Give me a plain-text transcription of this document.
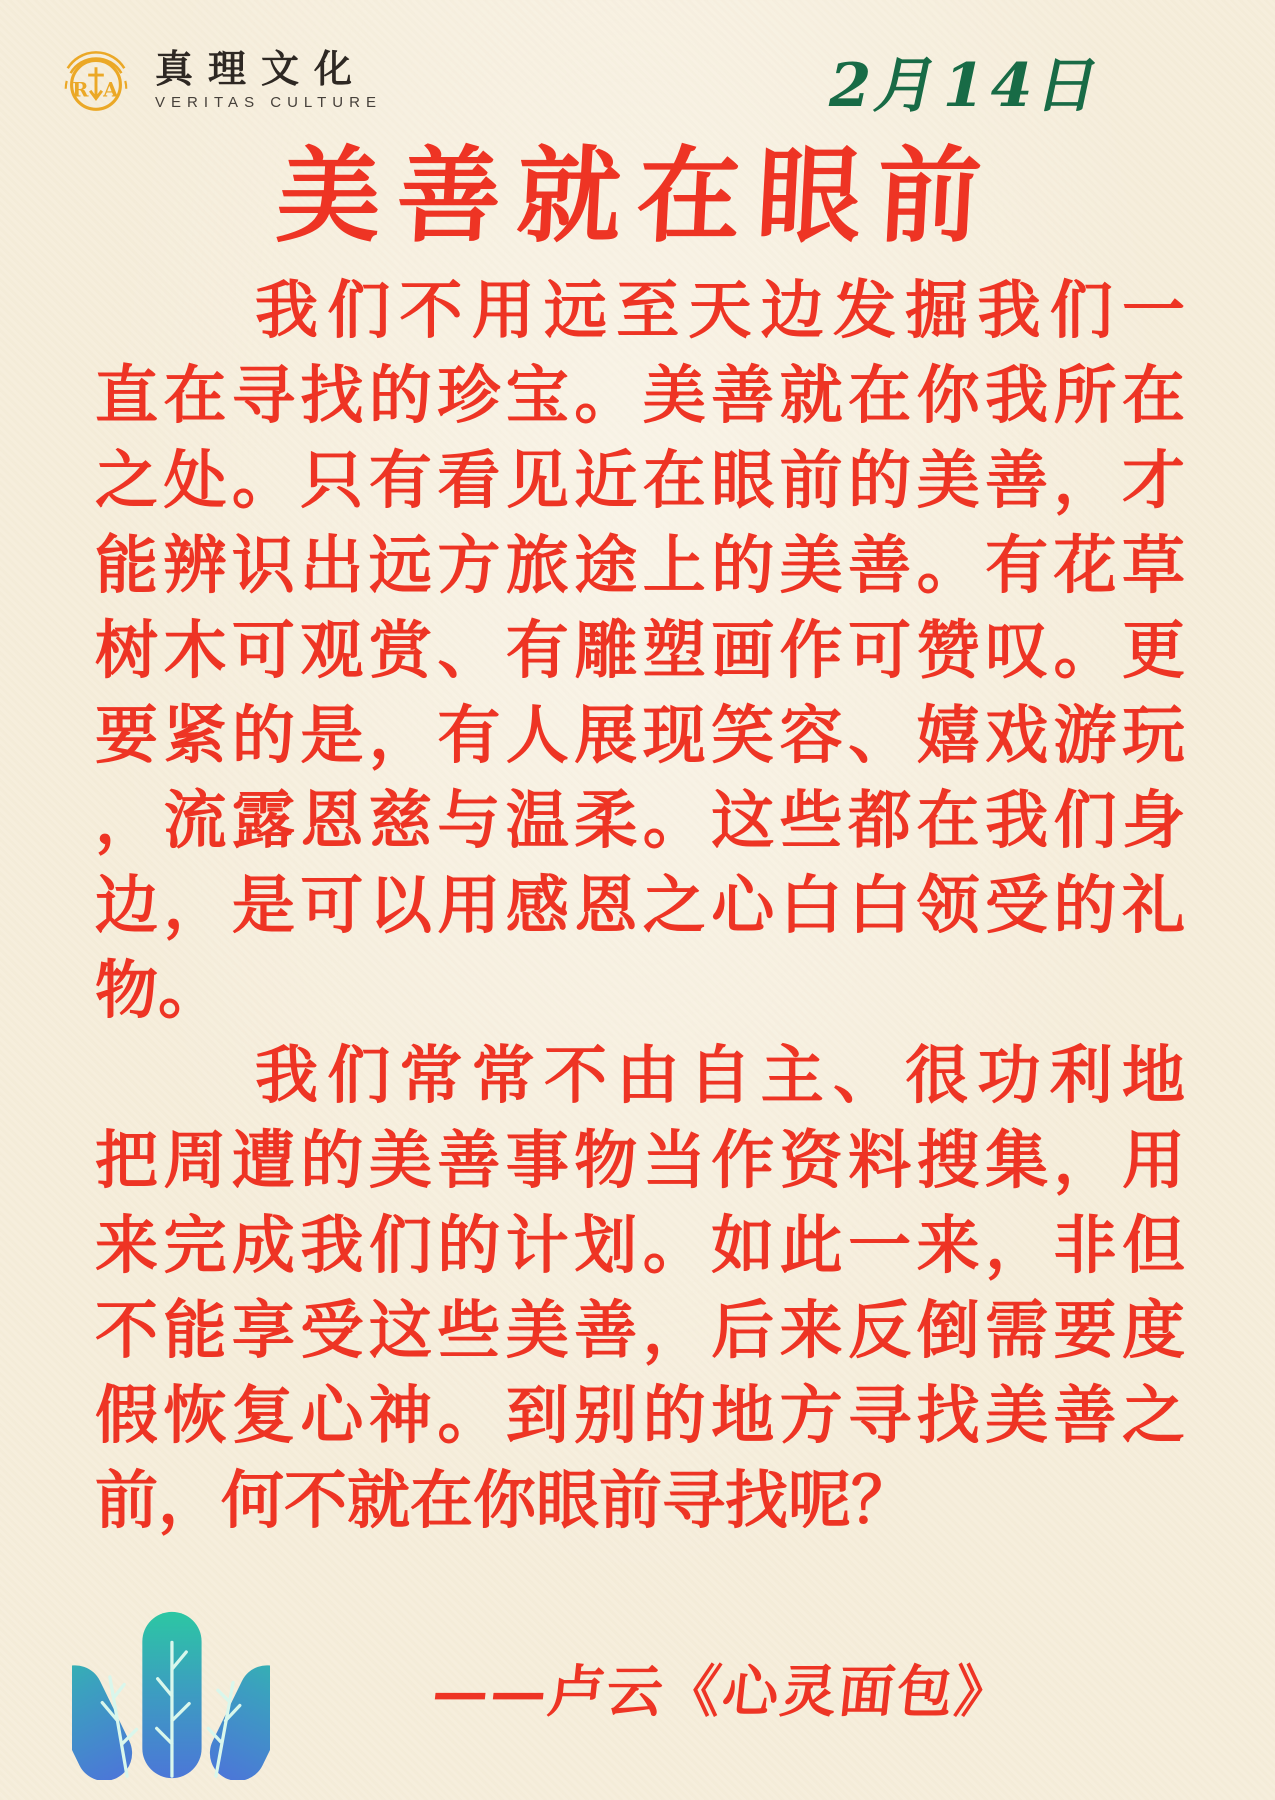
R A 真理文化
VERITAS CULTURE	2月14日
美善就在眼前
我们不用远至天边发掘我们一
直在寻找的珍宝。美善就在你我所在
之处。只有看见近在眼前的美善，才
能辨识出远方旅途上的美善。有花草
树木可观赏、有雕塑画作可赞叹。更
要紧的是，有人展现笑容、嬉戏游玩
，流露恩慈与温柔。这些都在我们身
边，是可以用感恩之心白白领受的礼
物。
我们常常不由自主、很功利地
把周遭的美善事物当作资料搜集，用
来完成我们的计划。如此一来，非但
不能享受这些美善，后来反倒需要度
假恢复心神。到别的地方寻找美善之
前，何不就在你眼前寻找呢？
——卢云《心灵面包》
